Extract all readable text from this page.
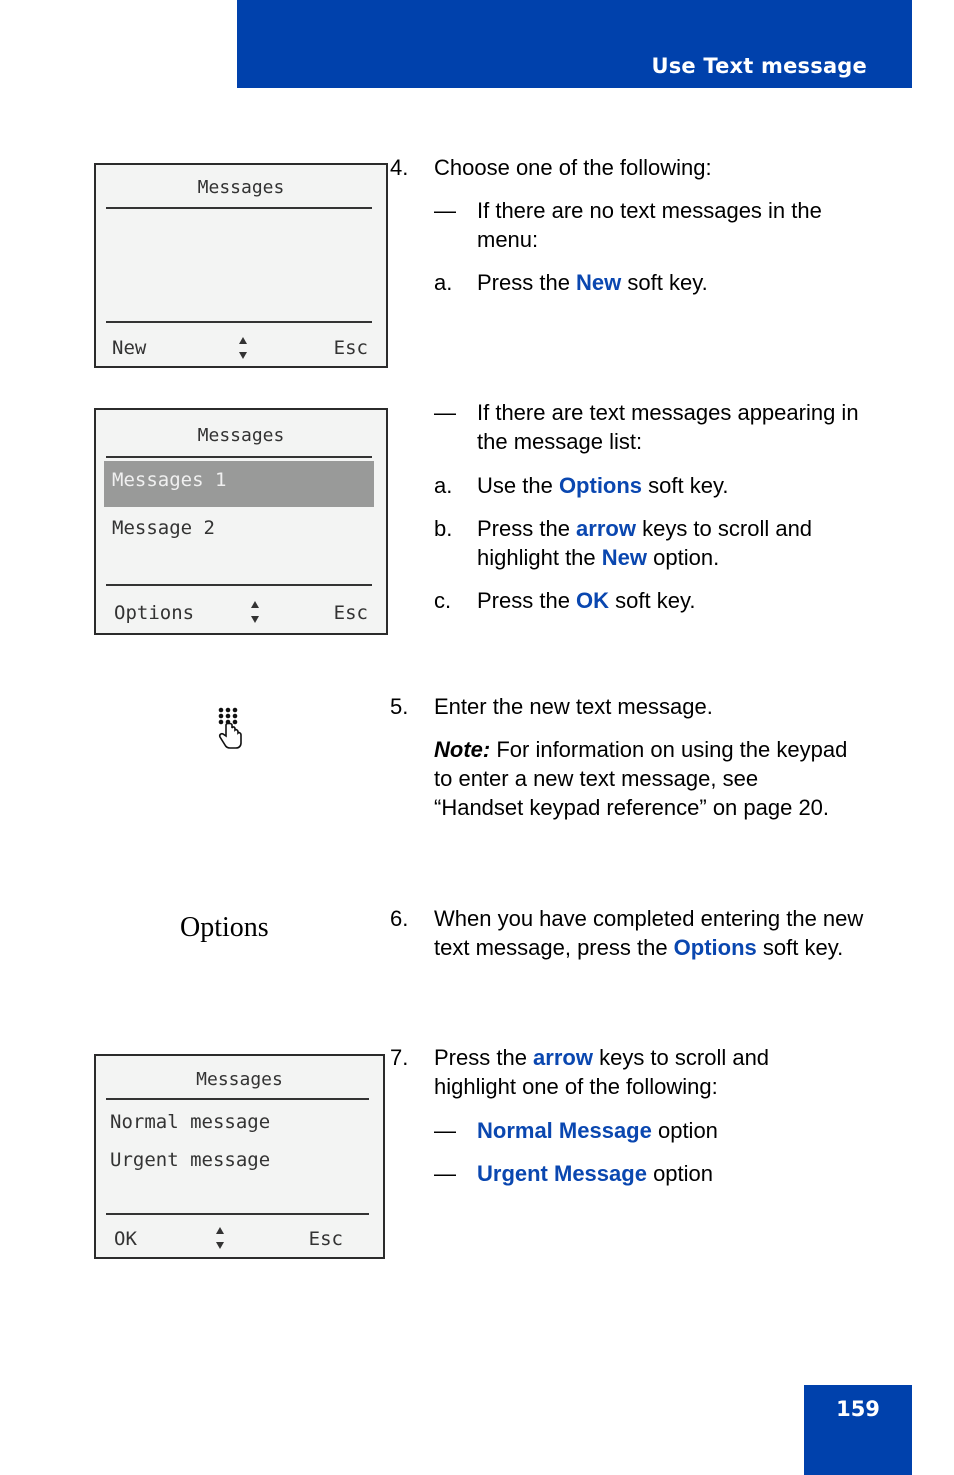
Use Text message
Messages
New	Esc
Messages
Messages 1
Message 2
Options	Esc
Options
Messages
Normal message
Urgent message
OK	Esc
4. Choose one of the following:
— If there are no text messages in the menu:
a. Press the New soft key.
— If there are text messages appearing in the message list:
a. Use the Options soft key.
b. Press the arrow keys to scroll and highlight the New option.
c. Press the OK soft key.
5. Enter the new text message.
Note: For information on using the keypad to enter a new text message, see “Handset keypad reference” on page 20.
6. When you have completed entering the new text message, press the Options soft key.
7. Press the arrow keys to scroll and highlight one of the following:
— Normal Message option
— Urgent Message option
159
